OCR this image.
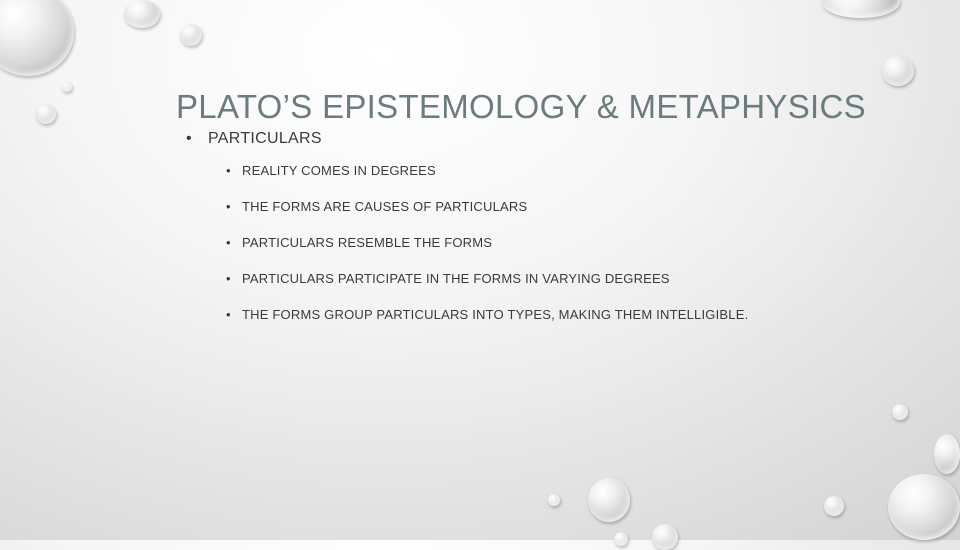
PLATO’S EPISTEMOLOGY & METAPHYSICS
• PARTICULARS
• REALITY COMES IN DEGREES
• THE FORMS ARE CAUSES OF PARTICULARS
• PARTICULARS RESEMBLE THE FORMS
• PARTICULARS PARTICIPATE IN THE FORMS IN VARYING DEGREES
• THE FORMS GROUP PARTICULARS INTO TYPES, MAKING THEM INTELLIGIBLE.
